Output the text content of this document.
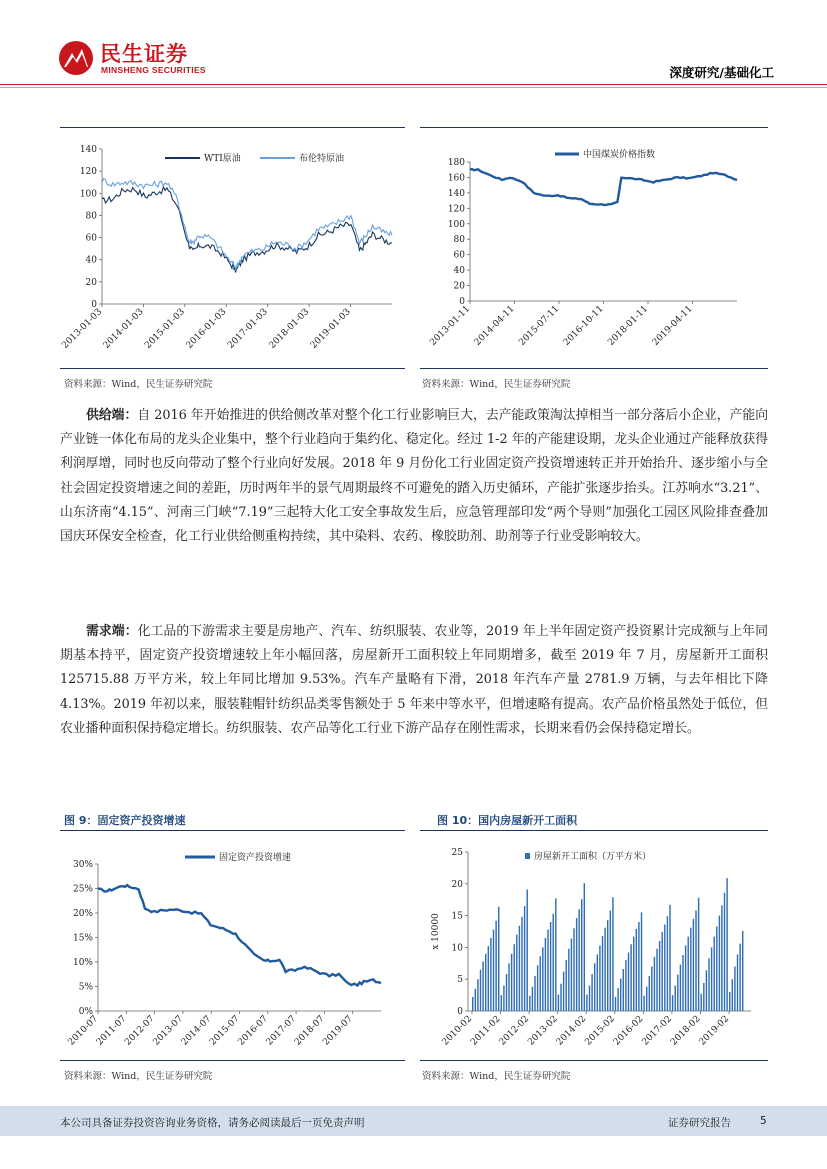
民生证券
MINSHENG SECURITIES	深度研究/基础化工
0
20
40
60
80
100
120
140
2013-01-03
2014-01-03
2015-01-03
2016-01-03
2017-01-03
2018-01-03
2019-01-03
WTI原油	布伦特原油
0
20
40
60
80
100
120
140
160
180
2013-01-11 2014-04-11 2015-07-11 2016-10-11 2018-01-11 2019-04-11
中国煤炭价格指数
资料来源：Wind，民生证券研究院	资料来源：Wind，民生证券研究院
供给端：自 2016 年开始推进的供给侧改革对整个化工行业影响巨大，去产能政策淘汰掉相当一部分落后小企业，产能向产业链一体化布局的龙头企业集中，整个行业趋向于集约化、稳定化。经过 1-2 年的产能建设期，龙头企业通过产能释放获得利润厚增，同时也反向带动了整个行业向好发展。2018 年 9 月份化工行业固定资产投资增速转正并开始抬升、逐步缩小与全社会固定投资增速之间的差距，历时两年半的景气周期最终不可避免的踏入历史循环，产能扩张逐步抬头。江苏响水“3.21”、山东济南“4.15”、河南三门峡“7.19”三起特大化工安全事故发生后，应急管理部印发“两个导则”加强化工园区风险排查叠加国庆环保安全检查，化工行业供给侧重构持续，其中染料、农药、橡胶助剂、助剂等子行业受影响较大。
需求端：化工品的下游需求主要是房地产、汽车、纺织服装、农业等，2019 年上半年固定资产投资累计完成额与上年同期基本持平，固定资产投资增速较上年小幅回落，房屋新开工面积较上年同期增多，截至 2019 年 7 月，房屋新开工面积 125715.88 万平方米，较上年同比增加 9.53%。汽车产量略有下滑，2018 年汽车产量 2781.9 万辆，与去年相比下降 4.13%。2019 年初以来，服装鞋帽针纺织品类零售额处于 5 年来中等水平，但增速略有提高。农产品价格虽然处于低位，但农业播种面积保持稳定增长。纺织服装、农产品等化工行业下游产品存在刚性需求，长期来看仍会保持稳定增长。
图 9：固定资产投资增速	图 10：国内房屋新开工面积
0%
5%
10%
15%
20%
25%
30%
2010-07
2011-07
2012-07
2013-07
2014-07
2015-07
2016-07
2017-07
2018-07
2019-07
固定资产投资增速
0
5
10
15
20
25
x 10000
2010-02
2011-02
2012-02
2013-02
2014-02
2015-02
2016-02
2017-02
2018-02
2019-02
房屋新开工面积（万平方米）
资料来源：Wind，民生证券研究院	资料来源：Wind，民生证券研究院
本公司具备证券投资咨询业务资格，请务必阅读最后一页免责声明	证券研究报告	5
